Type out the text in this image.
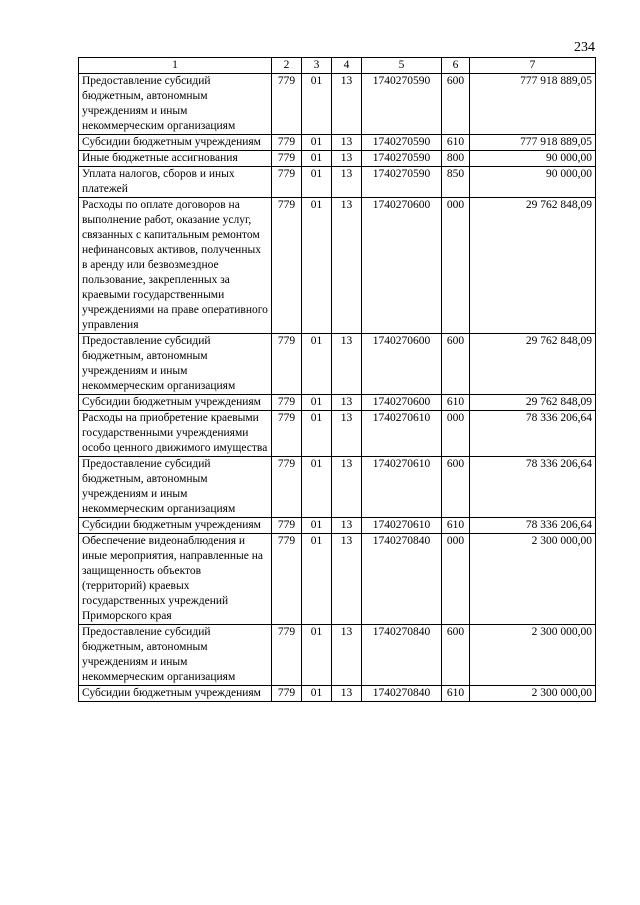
234
1	2	3	4	5	6	7
Предоставление субсидий бюджетным, автономным учреждениям и иным некоммерческим организациям	779	01	13	1740270590	600	777 918 889,05
Субсидии бюджетным учреждениям	779	01	13	1740270590	610	777 918 889,05
Иные бюджетные ассигнования	779	01	13	1740270590	800	90 000,00
Уплата налогов, сборов и иных платежей	779	01	13	1740270590	850	90 000,00
Расходы по оплате договоров на выполнение работ, оказание услуг, связанных с капитальным ремонтом нефинансовых активов, полученных в аренду или безвозмездное пользование, закрепленных за краевыми государственными учреждениями на праве оперативного управления	779	01	13	1740270600	000	29 762 848,09
Предоставление субсидий бюджетным, автономным учреждениям и иным некоммерческим организациям	779	01	13	1740270600	600	29 762 848,09
Субсидии бюджетным учреждениям	779	01	13	1740270600	610	29 762 848,09
Расходы на приобретение краевыми государственными учреждениями особо ценного движимого имущества	779	01	13	1740270610	000	78 336 206,64
Предоставление субсидий бюджетным, автономным учреждениям и иным некоммерческим организациям	779	01	13	1740270610	600	78 336 206,64
Субсидии бюджетным учреждениям	779	01	13	1740270610	610	78 336 206,64
Обеспечение видеонаблюдения и иные мероприятия, направленные на защищенность объектов (территорий) краевых государственных учреждений Приморского края	779	01	13	1740270840	000	2 300 000,00
Предоставление субсидий бюджетным, автономным учреждениям и иным некоммерческим организациям	779	01	13	1740270840	600	2 300 000,00
Субсидии бюджетным учреждениям	779	01	13	1740270840	610	2 300 000,00
